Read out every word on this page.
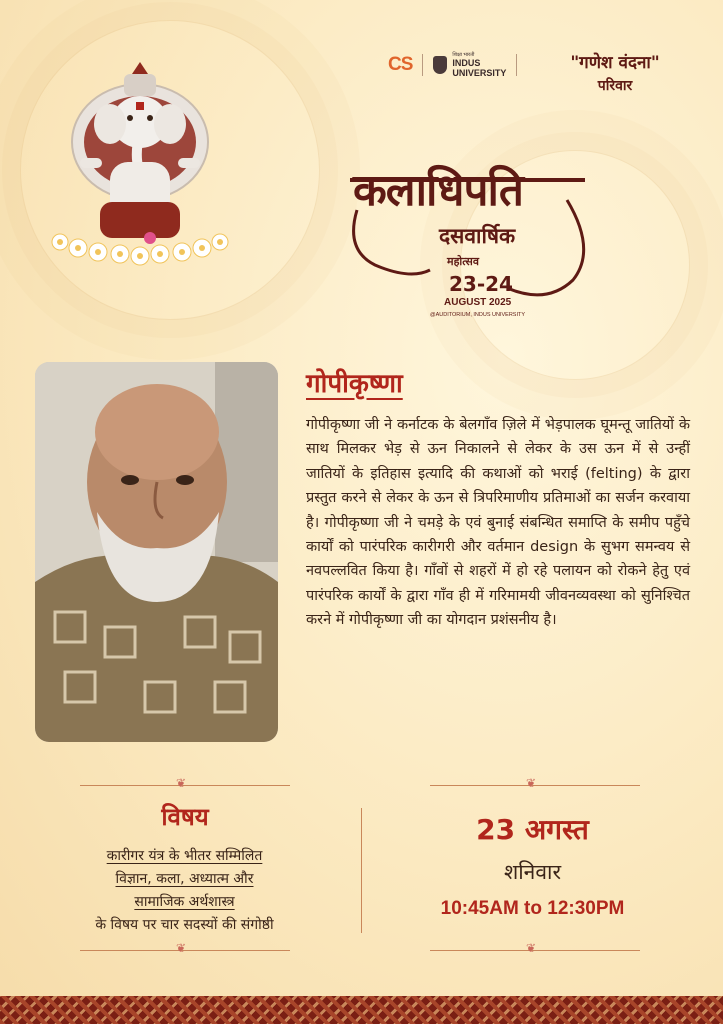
CS	शिक्षा भारती
INDUS
UNIVERSITY	"गणेश वंदना"
परिवार
कलाधिपति
दसवार्षिक
महोत्सव
23-24
AUGUST 2025
@AUDITORIUM, INDUS UNIVERSITY
गोपीकृष्णा

गोपीकृष्णा जी ने कर्नाटक के बेलगाँव ज़िले में भेड़पालक घूमन्तू जातियों के साथ मिलकर भेड़ से ऊन निकालने से लेकर के उस ऊन में से उन्हीं जातियों के इतिहास इत्यादि की कथाओं को भराई (felting) के द्वारा प्रस्तुत करने से लेकर के ऊन से त्रिपरिमाणीय प्रतिमाओं का सर्जन करवाया है। गोपीकृष्णा जी ने चमड़े के एवं बुनाई संबन्धित समाप्ति के समीप पहुँचे कार्यों को पारंपरिक कारीगरी और वर्तमान design के सुभग समन्वय से नवपल्लवित किया है। गाँवों से शहरों में हो रहे पलायन को रोकने हेतु एवं पारंपरिक कार्यों के द्वारा गाँव ही में गरिमामयी जीवनव्यवस्था को सुनिश्चित करने में गोपीकृष्णा जी का योगदान प्रशंसनीय है।

❦	❦
❦	❦
विषय
कारीगर यंत्र के भीतर सम्मिलित
विज्ञान, कला, अध्यात्म और
सामाजिक अर्थशास्त्र
के विषय पर चार सदस्यों की संगोष्ठी
23 अगस्त
शनिवार
10:45AM to 12:30PM
